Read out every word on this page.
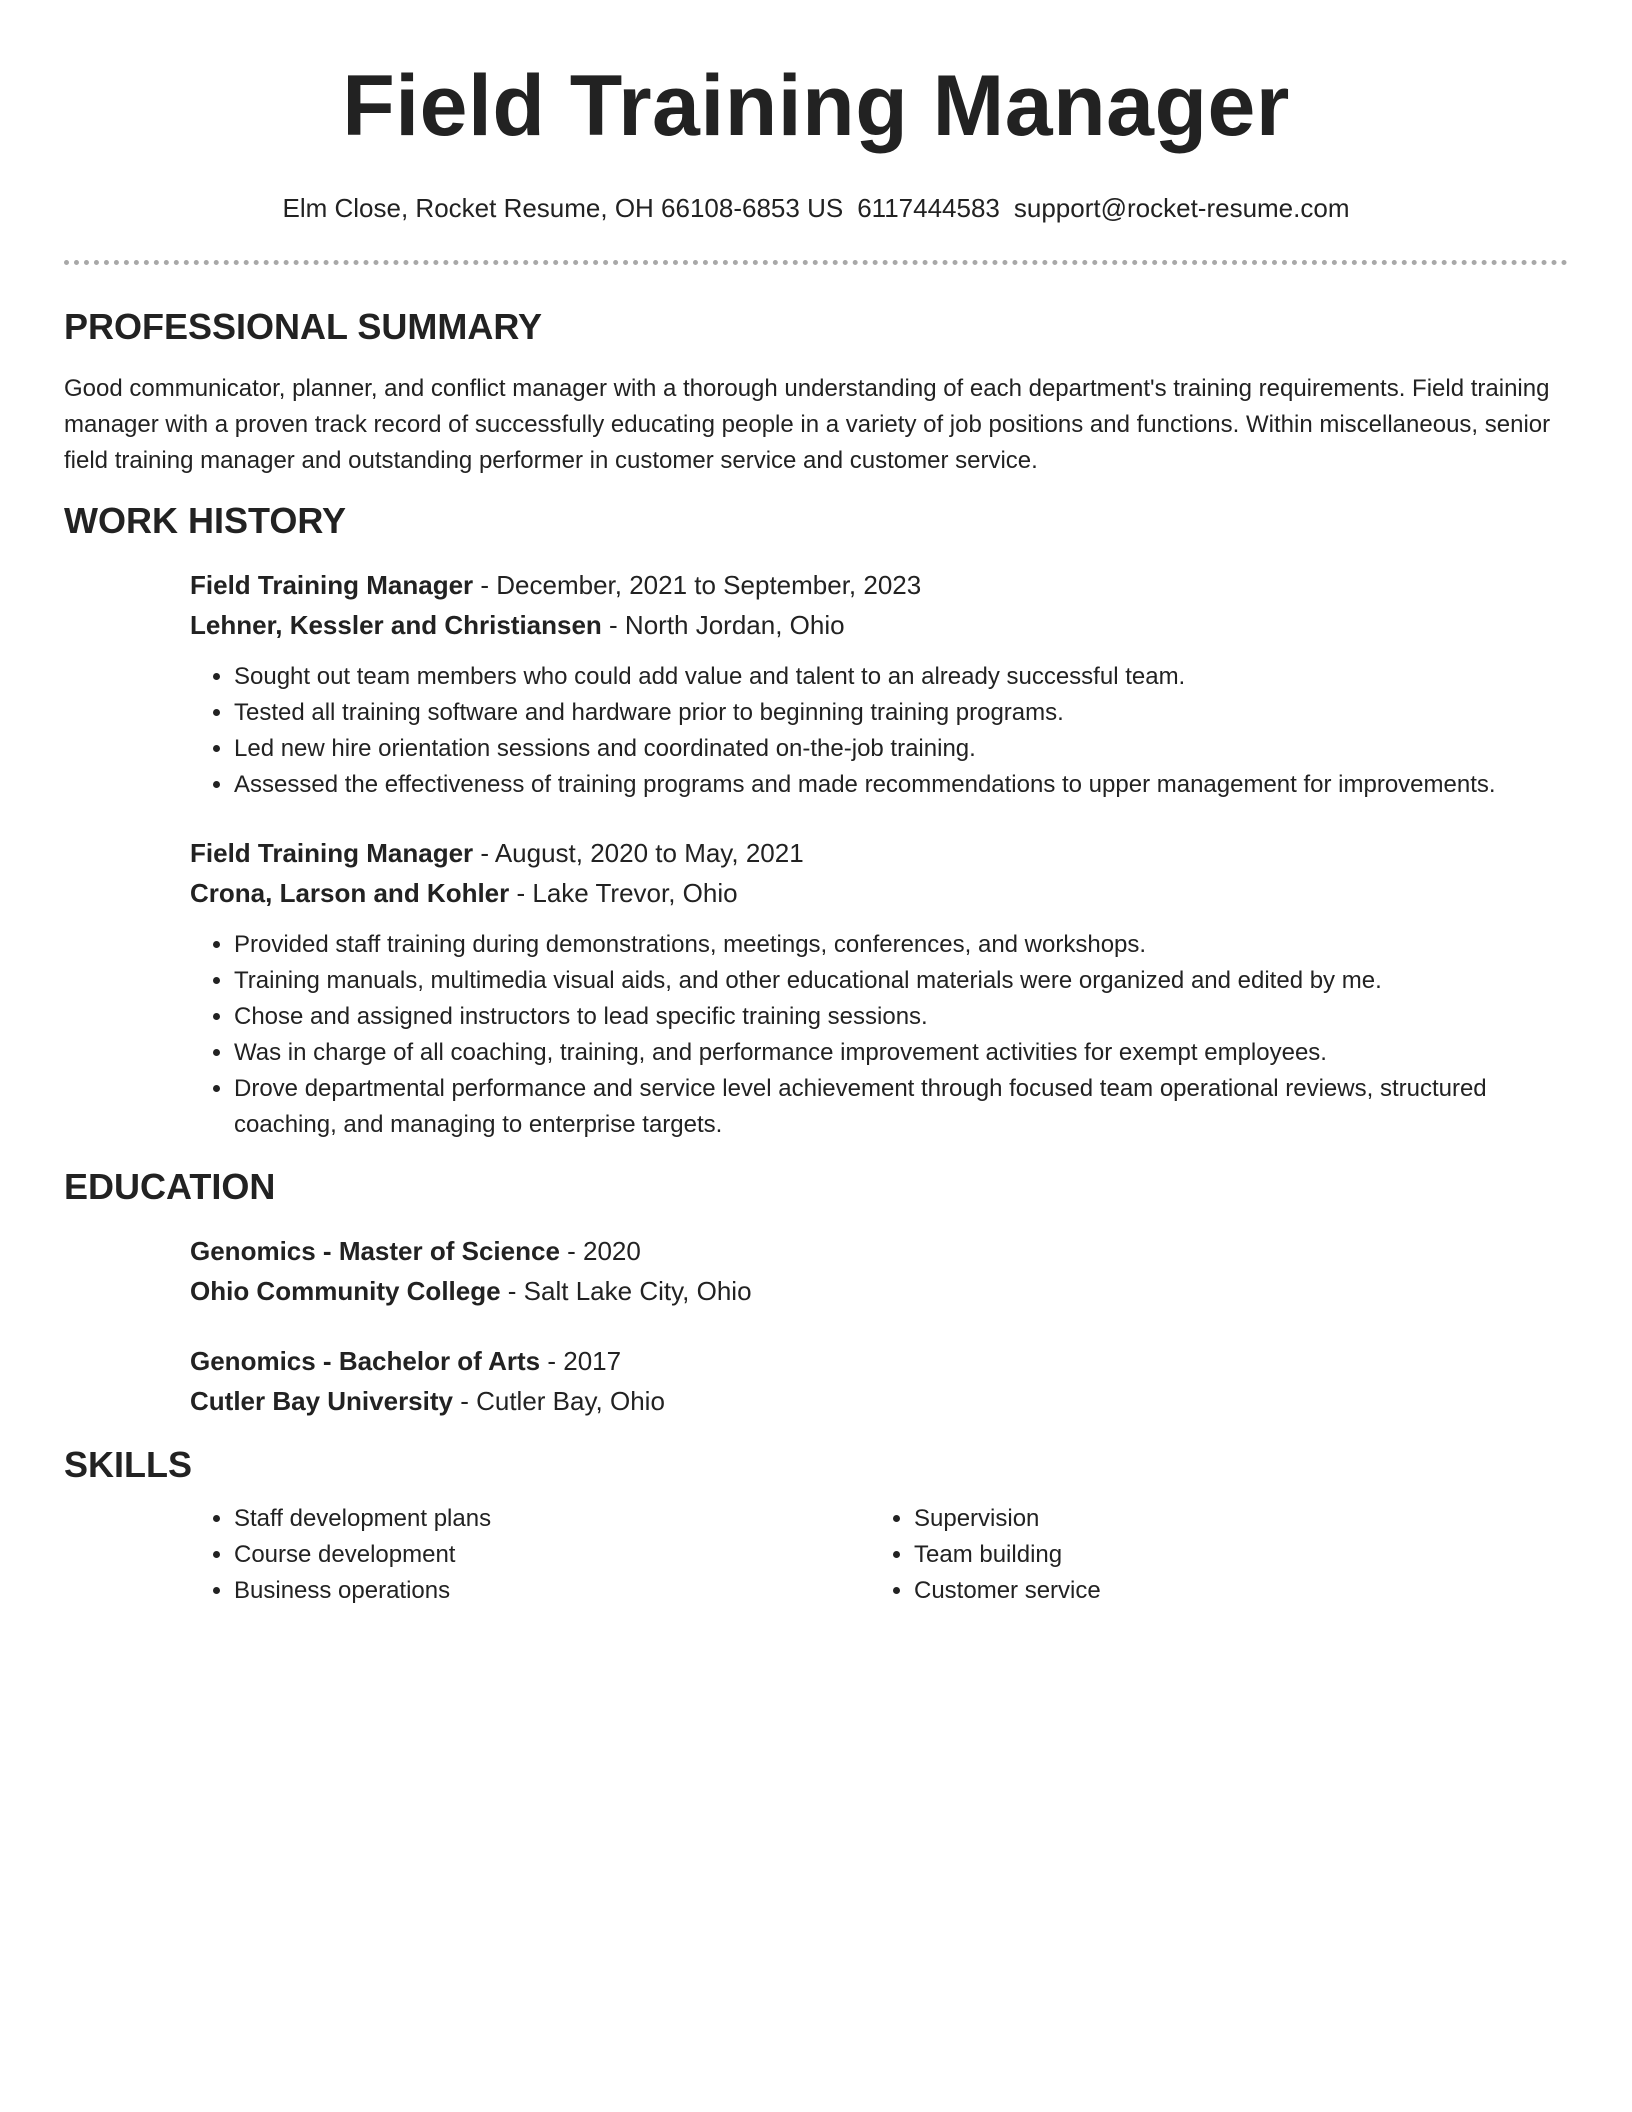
Field Training Manager
Elm Close, Rocket Resume, OH 66108-6853 US 6117444583 support@rocket-resume.com
PROFESSIONAL SUMMARY

Good communicator, planner, and conflict manager with a thorough understanding of each department's training requirements. Field training manager with a proven track record of successfully educating people in a variety of job positions and functions. Within miscellaneous, senior field training manager and outstanding performer in customer service and customer service.

WORK HISTORY

Field Training Manager - December, 2021 to September, 2023

Lehner, Kessler and Christiansen - North Jordan, Ohio

• Sought out team members who could add value and talent to an already successful team.
• Tested all training software and hardware prior to beginning training programs.
• Led new hire orientation sessions and coordinated on-the-job training.
• Assessed the effectiveness of training programs and made recommendations to upper management for improvements.

Field Training Manager - August, 2020 to May, 2021

Crona, Larson and Kohler - Lake Trevor, Ohio

• Provided staff training during demonstrations, meetings, conferences, and workshops.
• Training manuals, multimedia visual aids, and other educational materials were organized and edited by me.
• Chose and assigned instructors to lead specific training sessions.
• Was in charge of all coaching, training, and performance improvement activities for exempt employees.
• Drove departmental performance and service level achievement through focused team operational reviews, structured coaching, and managing to enterprise targets.
EDUCATION

Genomics - Master of Science - 2020

Ohio Community College - Salt Lake City, Ohio

Genomics - Bachelor of Arts - 2017

Cutler Bay University - Cutler Bay, Ohio

SKILLS
• Staff development plans
• Course development
• Business operations
• Supervision
• Team building
• Customer service
